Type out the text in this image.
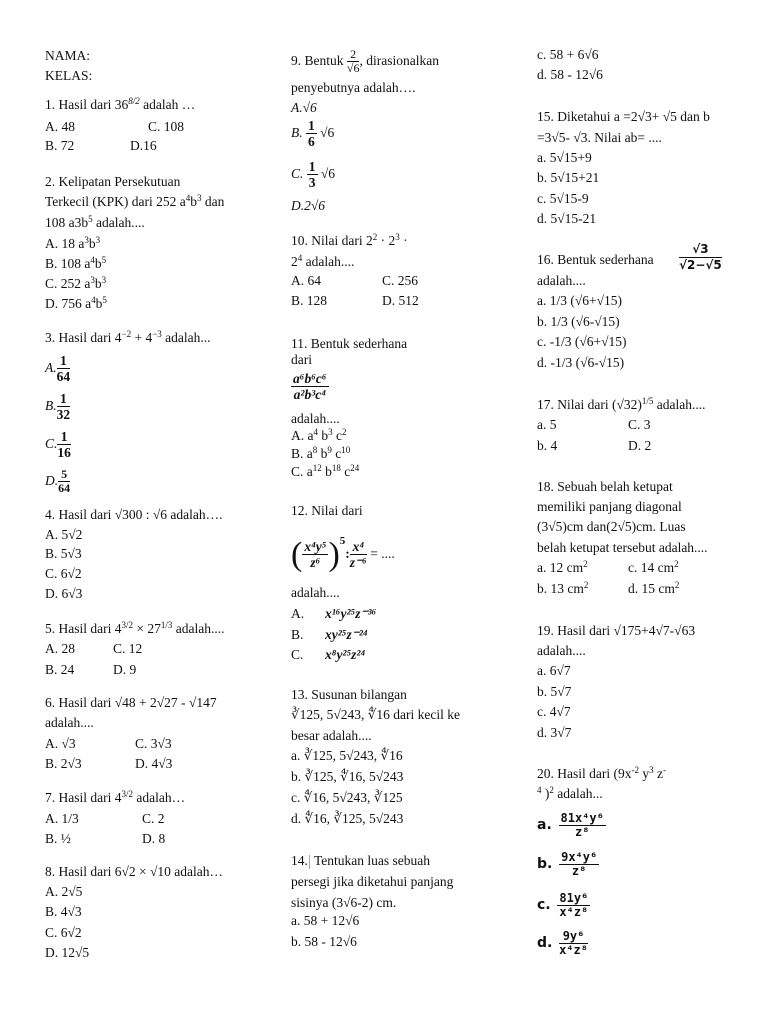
NAMA:
KELAS:
1. Hasil dari $36^{8/2}$ adalah …
A. 48	C. 108
B. 72	D.16
2. Kelipatan Persekutuan
Terkecil (KPK) dari 252 $a^4b^3$ dan
108 $a3b^5$ adalah....
A. 18 $a^3b^3$
B. 108 $a^4b^5$
C. 252 $a^3b^3$
D. 756 $a^4b^5$
3. Hasil dari $4^{-2} + 4^{-3}$ adalah...
A. $\frac{1}{64}$
B. $\frac{1}{32}$
C. $\frac{1}{16}$
D. $\frac{5}{64}$
4. Hasil dari √300 : √6 adalah….
A. 5√2
B. 5√3
C. 6√2
D. 6√3
5. Hasil dari $4^{3/2} \times 27^{1/3}$ adalah....
A. 28	C. 12
B. 24	D. 9
6. Hasil dari √48 + 2√27 - √147
adalah....
A. √3	C. 3√3
B. 2√3	D. 4√3
7. Hasil dari $4^{3/2}$ adalah…
A. 1/3	C. 2
B. ½	D. 8
8. Hasil dari 6√2 × √10 adalah…
A. 2√5
B. 4√3
C. 6√2
D. 12√5
9. Bentuk $\frac{2}{√6}$ , dirasionalkan
penyebutnya adalah….
A.√6
B. $\frac{1}{6} √6$
C. $\frac{1}{3} √6$
D.2√6
10. Nilai dari $2^2 \cdot 2^3$ ·
$2^4$ adalah....
A. 64	C. 256
B. 128	D. 512
11. Bentuk sederhana
dari
$\frac{\text{a⁶b⁶c⁶}}{\text{a²b³c⁴}}$
adalah....
A. $a^4$ $b^3$ $c^2$
B. $a^8$ $b^9$ $c^{10}$
C. $a^{12}$ $b^{18}$ $c^{24}$
12. Nilai dari
( $\frac{\text{x⁴y⁵}}{\text{z⁶}} )^5$: $\frac{\text{x⁴}}{\text{z⁻⁶}}$ = ....
adalah....
A. x¹⁶y²⁵z⁻³⁶
B. xy²⁵z⁻²⁴
C. x⁸y²⁵z²⁴
13. Susunan bilangan
∛125, 5√243, ∜16 dari kecil ke
besar adalah....
a. ∛125, 5√243, ∜16
b. ∛125, ∜16, 5√243
c. ∜16, 5√243, ∛125
d. ∜16, ∛125, 5√243
14. Tentukan luas sebuah
persegi jika diketahui panjang
sisinya (3√6-2) cm.
a. 58 + 12√6
b. 58 - 12√6
c. 58 + 6√6
d. 58 - 12√6
15. Diketahui a =2√3+ √5 dan b
=3√5- √3. Nilai ab= ....
a. 5√15+9
b. 5√15+21
c. 5√15-9
d. 5√15-21
16. Bentuk sederhana $\frac{√3}{√2-√5}$
adalah....
a. 1/3 (√6+√15)
b. 1/3 (√6-√15)
c. -1/3 (√6+√15)
d. -1/3 (√6-√15)
17. Nilai dari $(√32)^{1/5}$ adalah....
a. 5	C. 3
b. 4	D. 2
18. Sebuah belah ketupat
memiliki panjang diagonal
(3√5)cm dan(2√5)cm. Luas
belah ketupat tersebut adalah....
a. 12 $cm^2$	c. 14 $cm^2$
b. 13 $cm^2$	d. 15 $cm^2$
19. Hasil dari √175+4√7-√63
adalah....
a. 6√7
b. 5√7
c. 4√7
d. 3√7
20. Hasil dari ($9x^{-2}$ $y^3$ z-
$^4$ )$^2$ adalah...
a. $\frac{\text{81x⁴y⁶}}{\text{z⁸}}$
b. $\frac{\text{9x⁴y⁶}}{\text{z⁸}}$
c. $\frac{\text{81y⁶}}{\text{x⁴z⁸}}$
d. $\frac{\text{9y⁶}}{\text{x⁴z⁸}}$
